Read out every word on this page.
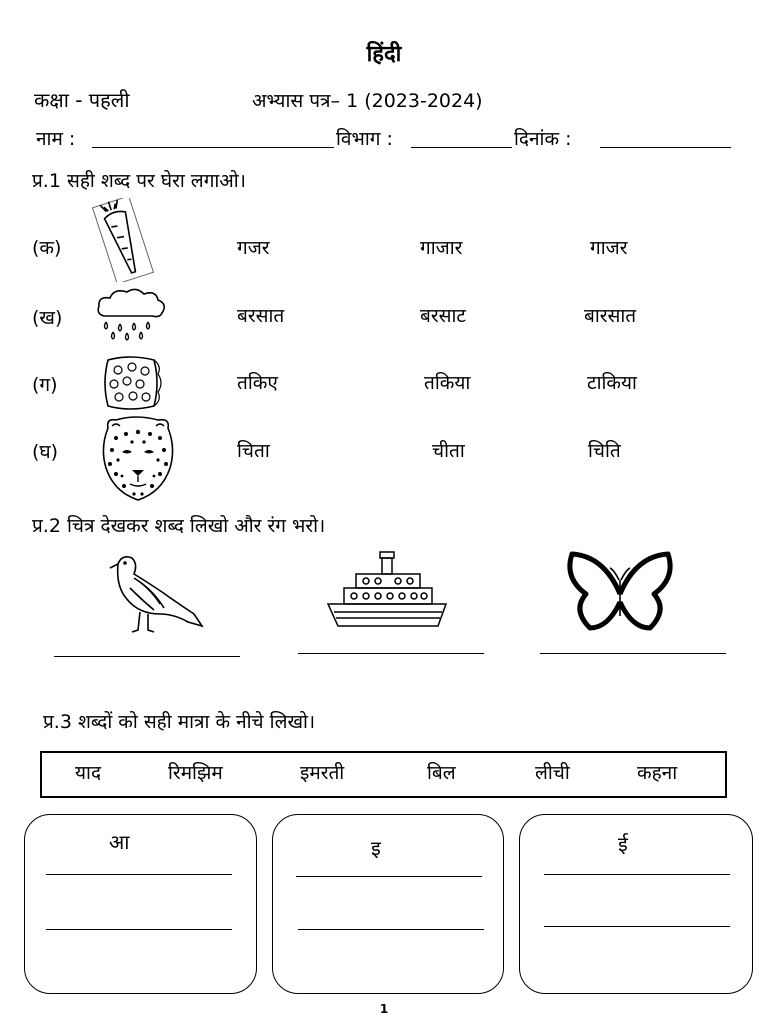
हिंदी
कक्षा - पहली	अभ्यास पत्र– 1 (2023-2024)
नाम :	विभाग :	दिनांक :
प्र.1 सही शब्द पर घेरा लगाओ।
(क)	गजर	गाजार	गाजर
(ख)	बरसात	बरसाट	बारसात
(ग)	तकिए	तकिया	टाकिया
(घ)	चिता	चीता	चिति
प्र.2 चित्र देखकर शब्द लिखो और रंग भरो।
प्र.3 शब्दों को सही मात्रा के नीचे लिखो।
याद	रिमझिम	इमरती	बिल	लीची	कहना
आ	इ	ई
1
